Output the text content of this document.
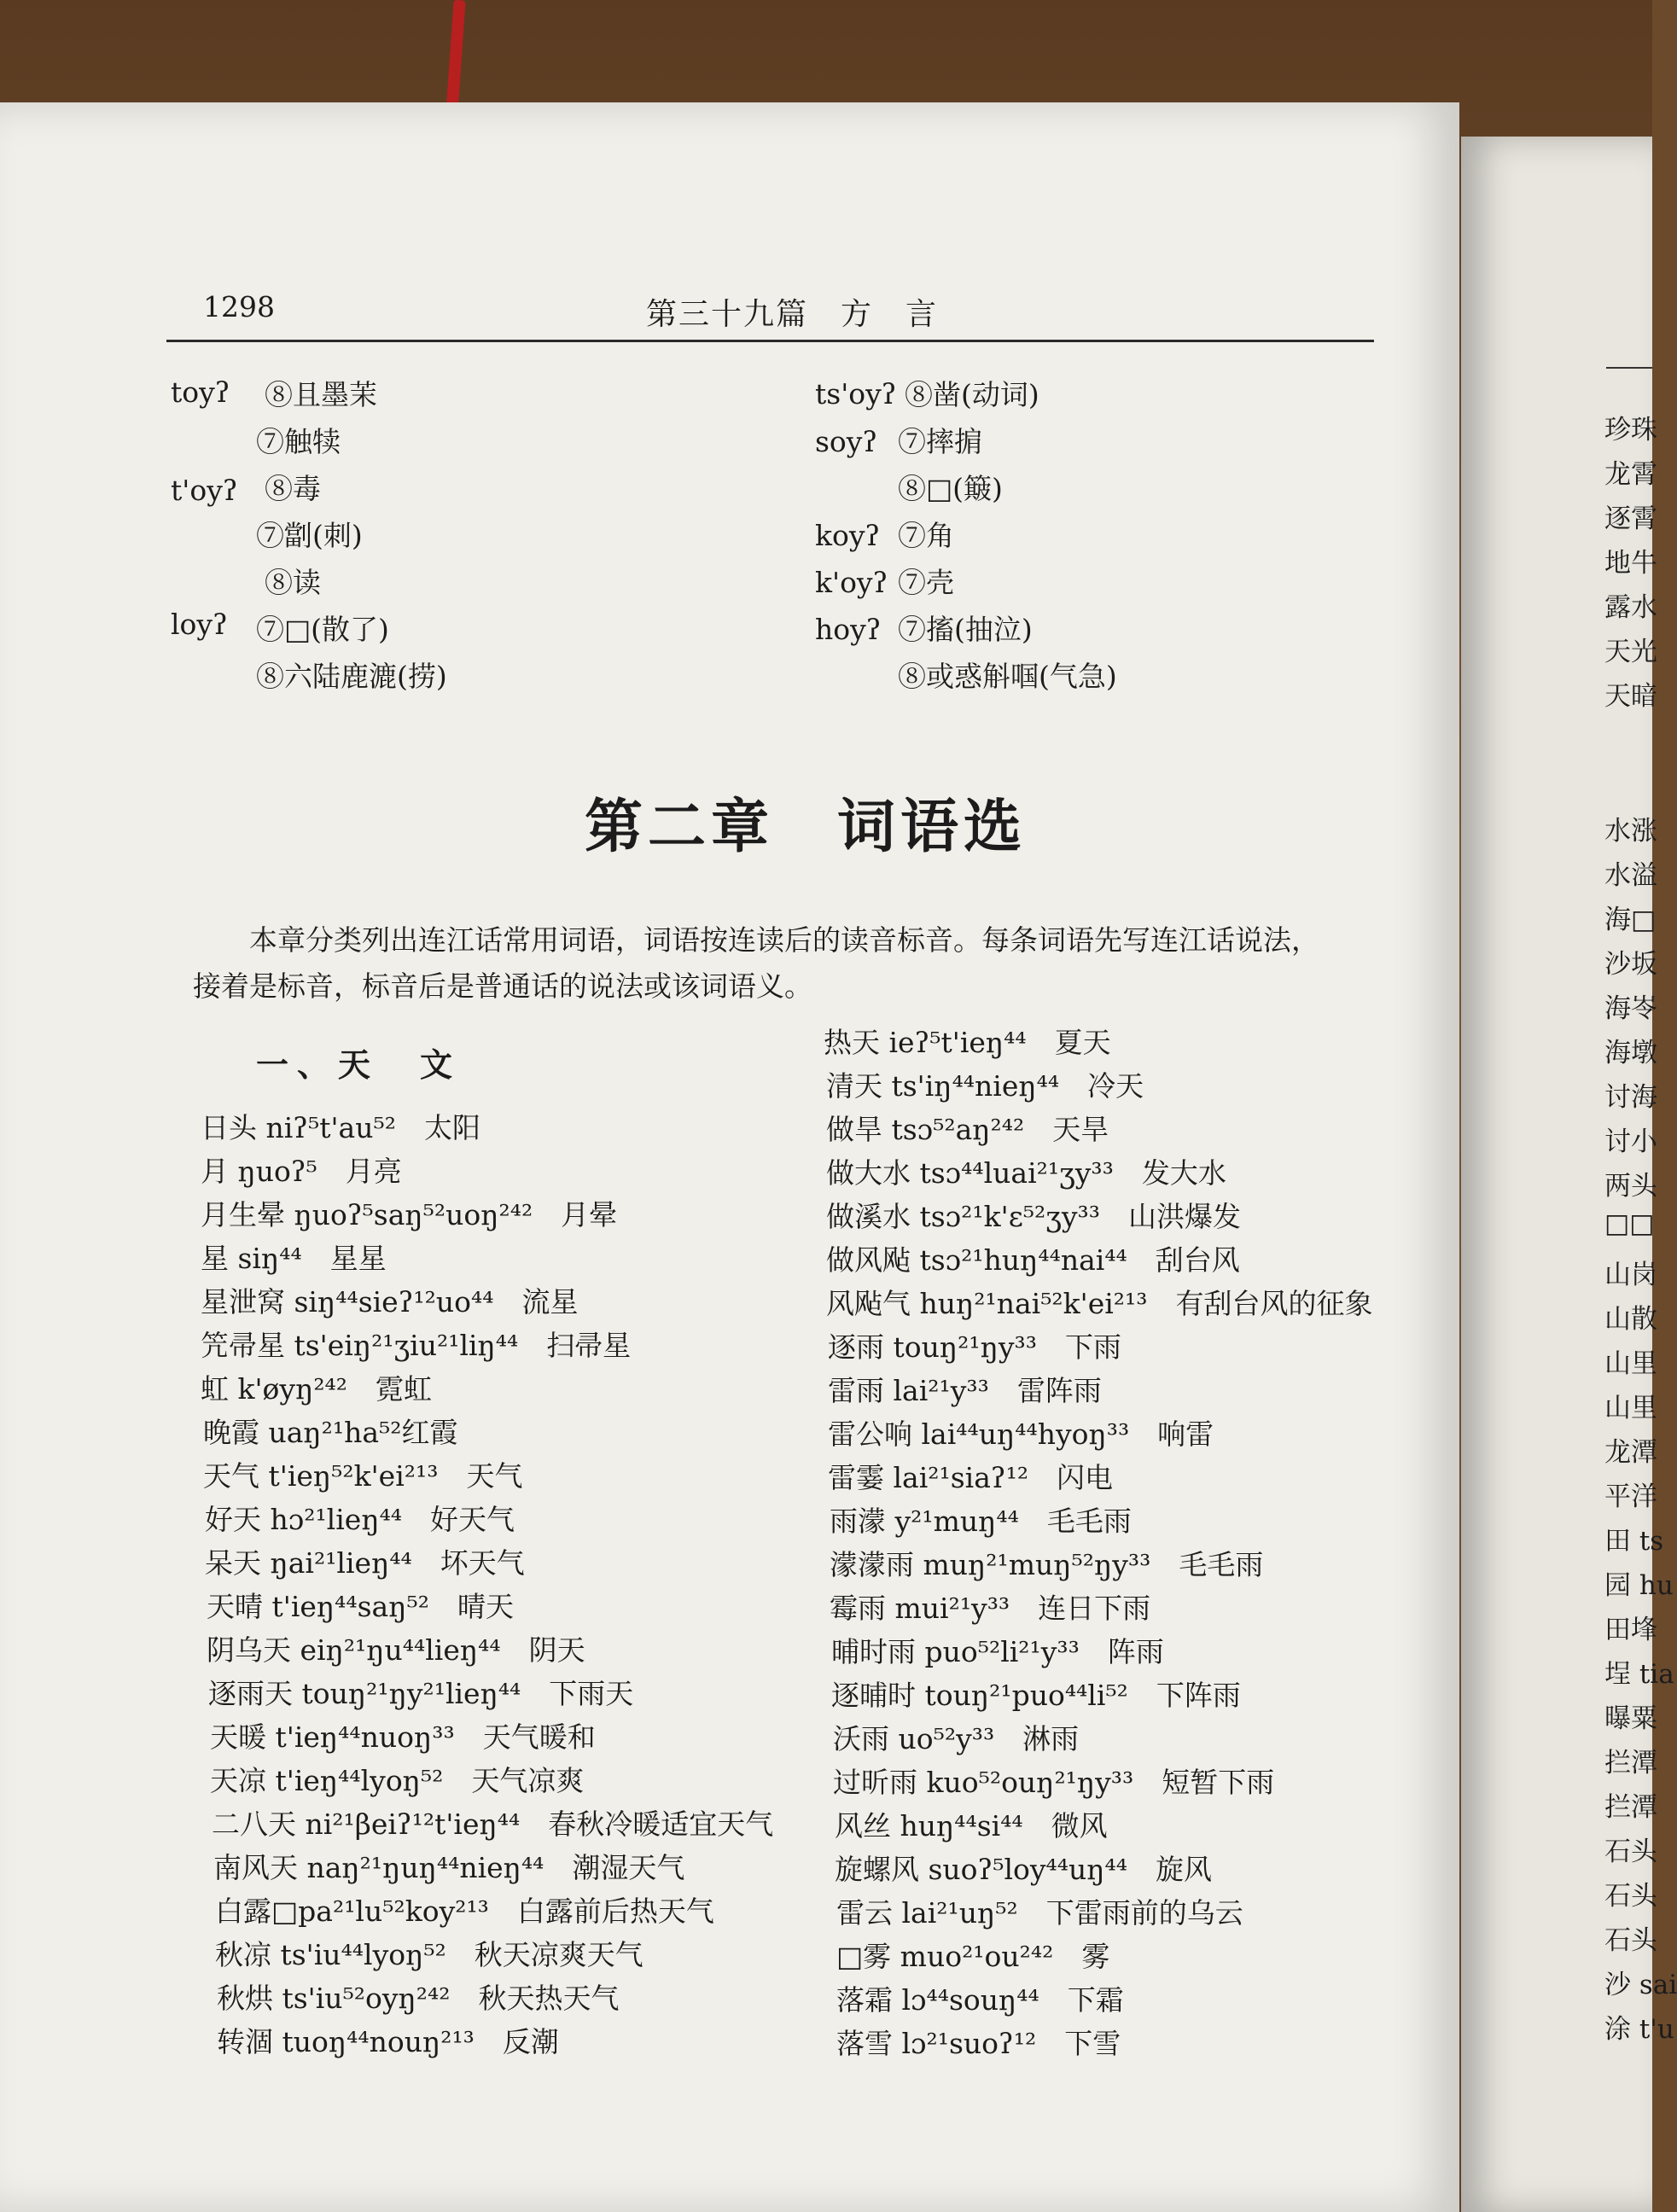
1298	第三十九篇　方　言
toyʔ
t'oyʔ
loyʔ
⑧且墨茉
⑦触犊
⑧毒
⑦劏(刺)
⑧读
⑦□(散了)
⑧六陆鹿漉(捞)
ts'oyʔ
soyʔ
koyʔ
k'oyʔ
hoyʔ
⑧凿(动词)
⑦摔掮
⑧□(簸)
⑦角
⑦壳
⑦搐(抽泣)
⑧或惑斛啯(气急)
第二章　词语选
本章分类列出连江话常用词语，词语按连读后的读音标音。每条词语先写连江话说法，
接着是标音，标音后是普通话的说法或该词语义。
一、天　文
日头 niʔ⁵t'au⁵²　太阳
月 ŋuoʔ⁵　月亮
月生晕 ŋuoʔ⁵saŋ⁵²uoŋ²⁴²　月晕
星 siŋ⁴⁴　星星
星泄窝 siŋ⁴⁴sieʔ¹²uo⁴⁴　流星
笐帚星 ts'eiŋ²¹ʒiu²¹liŋ⁴⁴　扫帚星
虹 k'øyŋ²⁴²　霓虹
晚霞 uaŋ²¹ha⁵²红霞
天气 t'ieŋ⁵²k'ei²¹³　天气
好天 hɔ²¹lieŋ⁴⁴　好天气
呆天 ŋai²¹lieŋ⁴⁴　坏天气
天晴 t'ieŋ⁴⁴saŋ⁵²　晴天
阴乌天 eiŋ²¹ŋu⁴⁴lieŋ⁴⁴　阴天
逐雨天 touŋ²¹ŋy²¹lieŋ⁴⁴　下雨天
天暖 t'ieŋ⁴⁴nuoŋ³³　天气暖和
天凉 t'ieŋ⁴⁴lyoŋ⁵²　天气凉爽
二八天 ni²¹βeiʔ¹²t'ieŋ⁴⁴　春秋冷暖适宜天气
南风天 naŋ²¹ŋuŋ⁴⁴nieŋ⁴⁴　潮湿天气
白露□pa²¹lu⁵²koy²¹³　白露前后热天气
秋凉 ts'iu⁴⁴lyoŋ⁵²　秋天凉爽天气
秋烘 ts'iu⁵²oyŋ²⁴²　秋天热天气
转涸 tuoŋ⁴⁴nouŋ²¹³　反潮
热天 ieʔ⁵t'ieŋ⁴⁴　夏天
清天 ts'iŋ⁴⁴nieŋ⁴⁴　冷天
做旱 tsɔ⁵²aŋ²⁴²　天旱
做大水 tsɔ⁴⁴luai²¹ʒy³³　发大水
做溪水 tsɔ²¹k'ɛ⁵²ʒy³³　山洪爆发
做风飐 tsɔ²¹huŋ⁴⁴nai⁴⁴　刮台风
风飐气 huŋ²¹nai⁵²k'ei²¹³　有刮台风的征象
逐雨 touŋ²¹ŋy³³　下雨
雷雨 lai²¹y³³　雷阵雨
雷公响 lai⁴⁴uŋ⁴⁴hyoŋ³³　响雷
雷霎 lai²¹siaʔ¹²　闪电
雨濛 y²¹muŋ⁴⁴　毛毛雨
濛濛雨 muŋ²¹muŋ⁵²ŋy³³　毛毛雨
霉雨 mui²¹y³³　连日下雨
晡时雨 puo⁵²li²¹y³³　阵雨
逐晡时 touŋ²¹puo⁴⁴li⁵²　下阵雨
沃雨 uo⁵²y³³　淋雨
过昕雨 kuo⁵²ouŋ²¹ŋy³³　短暂下雨
风丝 huŋ⁴⁴si⁴⁴　微风
旋螺风 suoʔ⁵loy⁴⁴uŋ⁴⁴　旋风
雷云 lai²¹uŋ⁵²　下雷雨前的乌云
□雾 muo²¹ou²⁴²　雾
落霜 lɔ⁴⁴souŋ⁴⁴　下霜
落雪 lɔ²¹suoʔ¹²　下雪
珍珠
龙霄
逐霄
地牛
露水
天光
天暗
水涨
水溢
海□
沙坂
海岺
海墩
讨海
讨小
两头
□□
山岗
山散
山里
山里
龙潭
平洋
田 ts
园 hu
田埄
埕 tia
曝粟
拦潭
拦潭
石头
石头
石头
沙 sai
涂 t'u
